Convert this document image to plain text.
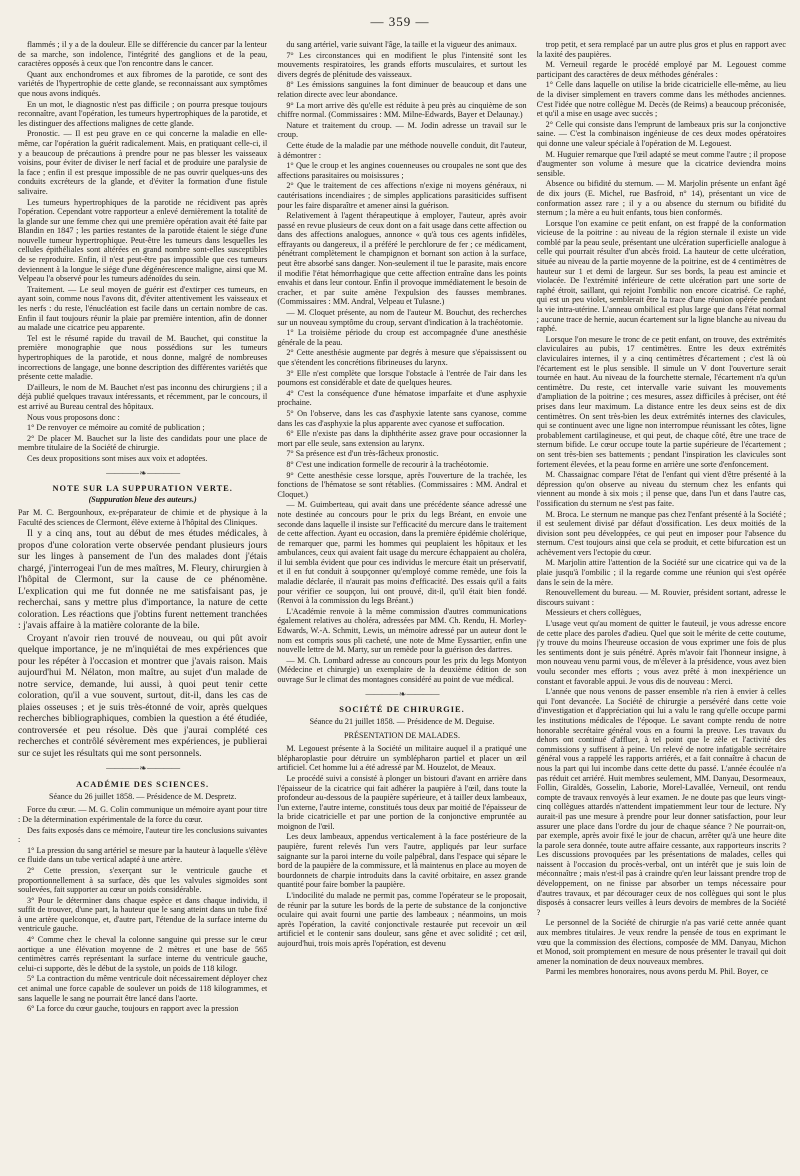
— 359 —

flammés ; il y a de la douleur. Elle se différencie du cancer par la lenteur de sa marche, son indolence, l'intégrité des ganglions et de la peau, caractères opposés à ceux que l'on rencontre dans le cancer.

Quant aux enchondromes et aux fibromes de la parotide, ce sont des variétés de l'hypertrophie de cette glande, se reconnaissant aux symptômes que nous avons indiqués.

En un mot, le diagnostic n'est pas difficile ; on pourra presque toujours reconnaître, avant l'opération, les tumeurs hypertrophiques de la parotide, et les distinguer des affections malignes de cette glande.

Pronostic. — Il est peu grave en ce qui concerne la maladie en elle-même, car l'opération la guérit radicalement. Mais, en pratiquant celle-ci, il y a beaucoup de précautions à prendre pour ne pas blesser les vaisseaux voisins, pour éviter de diviser le nerf facial et de produire une paralysie de la face ; enfin il est presque impossible de ne pas ouvrir quelques-uns des conduits excréteurs de la glande, et d'éviter la formation d'une fistule salivaire.

Les tumeurs hypertrophiques de la parotide ne récidivent pas après l'opération. Cependant votre rapporteur a enlevé dernièrement la totalité de la glande sur une femme chez qui une première opération avait été faite par Blandin en 1847 ; les parties restantes de la parotide étaient le siége d'une nouvelle tumeur hypertrophique. Peut-être les tumeurs dans lesquelles les cellules épithéliales sont altérées en grand nombre sont-elles susceptibles de se reproduire. Enfin, il n'est peut-être pas impossible que ces tumeurs deviennent à la longue le siége d'une dégénérescence maligne, ainsi que M. Velpeau l'a observé pour les tumeurs adénoïdes du sein.

Traitement. — Le seul moyen de guérir est d'extirper ces tumeurs, en ayant soin, comme nous l'avons dit, d'éviter attentivement les vaisseaux et les nerfs : du reste, l'énucléation est facile dans un certain nombre de cas. Enfin il faut toujours réunir la plaie par première intention, afin de donner au malade une cicatrice peu apparente.

Tel est le résumé rapide du travail de M. Bauchet, qui constitue la première monographie que nous possédions sur les tumeurs hypertrophiques de la parotide, et nous donne, malgré de nombreuses incorrections de langage, une bonne description des différentes variétés que présente cette maladie.

D'ailleurs, le nom de M. Bauchet n'est pas inconnu des chirurgiens ; il a déjà publié quelques travaux intéressants, et récemment, par le concours, il est arrivé au Bureau central des hôpitaux.

Nous vous proposons donc :

1° De renvoyer ce mémoire au comité de publication ;

2° De placer M. Bauchet sur la liste des candidats pour une place de membre titulaire de la Société de chirurgie.

Ces deux propositions sont mises aux voix et adoptées.

———— ❧ ————
NOTE SUR LA SUPPURATION VERTE.
(Suppuration bleue des auteurs.)

Par M. C. Bergounhoux, ex-préparateur de chimie et de physique à la Faculté des sciences de Clermont, élève externe à l'hôpital des Cliniques.

Il y a cinq ans, tout au début de mes études médicales, à propos d'une coloration verte observée pendant plusieurs jours sur les linges à pansement de l'un des malades dont j'étais chargé, j'interrogeai l'un de mes maîtres, M. Fleury, chirurgien à l'hôpital de Clermont, sur la cause de ce phénomène. L'explication qui me fut donnée ne me satisfaisant pas, je recherchai, sans y mettre plus d'importance, la nature de cette coloration. Les réactions que j'obtins furent nettement tranchées : j'avais affaire à la matière colorante de la bile.

Croyant n'avoir rien trouvé de nouveau, ou qui pût avoir quelque importance, je ne m'inquiétai de mes expériences que pour les répéter à l'occasion et montrer que j'avais raison. Mais aujourd'hui M. Nélaton, mon maître, au sujet d'un malade de notre service, demande, lui aussi, à quoi peut tenir cette coloration, qu'il a vue souvent, surtout, dit-il, dans les cas de plaies osseuses ; et je suis très-étonné de voir, après quelques recherches bibliographiques, combien la question a été étudiée, controversée et peu résolue. Dès que j'aurai complété ces recherches et contrôlé sévèrement mes expériences, je publierai sur ce sujet les résultats qui me sont personnels.

———— ❧ ————
ACADÉMIE DES SCIENCES.
Séance du 26 juillet 1858. — Présidence de M. Despretz.

Force du cœur. — M. G. Colin communique un mémoire ayant pour titre : De la détermination expérimentale de la force du cœur.

Des faits exposés dans ce mémoire, l'auteur tire les conclusions suivantes :

1° La pression du sang artériel se mesure par la hauteur à laquelle s'élève ce fluide dans un tube vertical adapté à une artère.

2° Cette pression, s'exerçant sur le ventricule gauche et proportionnellement à sa surface, dès que les valvules sigmoïdes sont soulevées, fait supporter au cœur un poids considérable.

3° Pour le déterminer dans chaque espèce et dans chaque individu, il suffit de trouver, d'une part, la hauteur que le sang atteint dans un tube fixé à une artère quelconque, et, d'autre part, l'étendue de la surface interne du ventricule gauche.

4° Comme chez le cheval la colonne sanguine qui presse sur le cœur aortique a une élévation moyenne de 2 mètres et une base de 565 centimètres carrés représentant la surface interne du ventricule gauche, celui-ci supporte, dès le début de la systole, un poids de 118 kilogr.

5° La contraction du même ventricule doit nécessairement déployer chez cet animal une force capable de soulever un poids de 118 kilogrammes, et sans laquelle le sang ne pourrait être lancé dans l'aorte.

6° La force du cœur gauche, toujours en rapport avec la pression

du sang artériel, varie suivant l'âge, la taille et la vigueur des animaux.

7° Les circonstances qui en modifient le plus l'intensité sont les mouvements respiratoires, les grands efforts musculaires, et surtout les divers degrés de plénitude des vaisseaux.

8° Les émissions sanguines la font diminuer de beaucoup et dans une relation directe avec leur abondance.

9° La mort arrive dès qu'elle est réduite à peu près au cinquième de son chiffre normal. (Commissaires : MM. Milne-Edwards, Bayer et Delaunay.)

Nature et traitement du croup. — M. Jodin adresse un travail sur le croup.

Cette étude de la maladie par une méthode nouvelle conduit, dit l'auteur, à démontrer :

1° Que le croup et les angines couenneuses ou croupales ne sont que des affections parasitaires ou moisissures ;

2° Que le traitement de ces affections n'exige ni moyens généraux, ni cautérisations incendiaires ; de simples applications parasiticides suffisent pour les faire disparaître et amener ainsi la guérison.

Relativement à l'agent thérapeutique à employer, l'auteur, après avoir passé en revue plusieurs de ceux dont on a fait usage dans cette affection ou dans des affections analogues, annonce « qu'à tous ces agents infidèles, effrayants ou dangereux, il a préféré le perchlorure de fer ; ce médicament, pénétrant complètement le champignon et bornant son action à la surface, peut être absorbé sans danger. Non-seulement il tue le parasite, mais encore il modifie l'état hémorrhagique que cette affection entraîne dans les points envahis et dans leur contour. Enfin il provoque immédiatement le besoin de cracher, et par suite amène l'expulsion des fausses membranes. (Commissaires : MM. Andral, Velpeau et Tulasne.)

— M. Cloquet présente, au nom de l'auteur M. Bouchut, des recherches sur un nouveau symptôme du croup, servant d'indication à la trachéotomie.

1° La troisième période du croup est accompagnée d'une anesthésie générale de la peau.

2° Cette anesthésie augmente par degrés à mesure que s'épaississent ou que s'étendent les concrétions fibrineuses du larynx.

3° Elle n'est complète que lorsque l'obstacle à l'entrée de l'air dans les poumons est considérable et date de quelques heures.

4° C'est la conséquence d'une hématose imparfaite et d'une asphyxie prochaine.

5° On l'observe, dans les cas d'asphyxie latente sans cyanose, comme dans les cas d'asphyxie la plus apparente avec cyanose et suffocation.

6° Elle n'existe pas dans la diphthérite assez grave pour occasionner la mort par elle seule, sans extension au larynx.

7° Sa présence est d'un très-fâcheux pronostic.

8° C'est une indication formelle de recourir à la trachéotomie.

9° Cette anesthésie cesse lorsque, après l'ouverture de la trachée, les fonctions de l'hématose se sont rétablies. (Commissaires : MM. Andral et Cloquet.)

— M. Guimberteau, qui avait dans une précédente séance adressé une note destinée au concours pour le prix du legs Bréant, en envoie une seconde dans laquelle il insiste sur l'efficacité du mercure dans le traitement de cette affection. Ayant eu occasion, dans la première épidémie cholérique, de remarquer que, parmi les hommes qui peuplaient les hôpitaux et les ambulances, ceux qui avaient fait usage du mercure échappaient au choléra, il lui sembla évident que pour ces individus le mercure était un préservatif, et il en fut conduit à soupçonner qu'employé comme remède, une fois la maladie déclarée, il n'aurait pas moins d'efficacité. Des essais qu'il a faits pour vérifier ce soupçon, lui ont prouvé, dit-il, qu'il était bien fondé. (Renvoi à la commission du legs Bréant.)

L'Académie renvoie à la même commission d'autres communications également relatives au choléra, adressées par MM. Ch. Rendu, H. Morley-Edwards, W.-A. Schmitt, Lewis, un mémoire adressé par un auteur dont le nom est compris sous pli cacheté, une note de Mme Eyssartier, enfin une nouvelle lettre de M. Marty, sur un remède pour la guérison des dartres.

— M. Ch. Lombard adresse au concours pour les prix du legs Montyon (Médecine et chirurgie) un exemplaire de la deuxième édition de son ouvrage Sur le climat des montagnes considéré au point de vue médical.

———— ❧ ————
SOCIÉTÉ DE CHIRURGIE.
Séance du 21 juillet 1858. — Présidence de M. Deguise.
PRÉSENTATION DE MALADES.

M. Legouest présente à la Société un militaire auquel il a pratiqué une blépharoplastie pour détruire un symblépharon partiel et placer un œil artificiel. Cet homme lui a été adressé par M. Houzelot, de Meaux.

Le procédé suivi a consisté à plonger un bistouri d'avant en arrière dans l'épaisseur de la cicatrice qui fait adhérer la paupière à l'œil, dans toute la profondeur au-dessous de la paupière supérieure, et à tailler deux lambeaux, l'un externe, l'autre interne, constitués tous deux par moitié de l'épaisseur de la bride cicatricielle et par une portion de la conjonctive empruntée au moignon de l'œil.

Les deux lambeaux, appendus verticalement à la face postérieure de la paupière, furent relevés l'un vers l'autre, appliqués par leur surface saignante sur la paroi interne du voile palpébral, dans l'espace qui sépare le bord de la paupière de la commissure, et là maintenus en place au moyen de bourdonnets de charpie introduits dans la cavité orbitaire, en assez grande quantité pour faire bomber la paupière.

L'indocilité du malade ne permit pas, comme l'opérateur se le proposait, de réunir par la suture les bords de la perte de substance de la conjonctive oculaire qui avait fourni une partie des lambeaux ; néanmoins, un mois après l'opération, la cavité conjonctivale restaurée put recevoir un œil artificiel et le contenir sans douleur, sans gêne et avec solidité ; cet œil, aujourd'hui, trois mois après l'opération, est devenu

trop petit, et sera remplacé par un autre plus gros et plus en rapport avec la laxité des paupières.

M. Verneuil regarde le procédé employé par M. Legouest comme participant des caractères de deux méthodes générales :

1° Celle dans laquelle on utilise la bride cicatricielle elle-même, au lieu de la diviser simplement en travers comme dans les méthodes anciennes. C'est l'idée que notre collègue M. Decès (de Reims) a beaucoup préconisée, et qu'il a mise en usage avec succès ;

2° Celle qui consiste dans l'emprunt de lambeaux pris sur la conjonctive saine. — C'est la combinaison ingénieuse de ces deux modes opératoires qui donne une valeur spéciale à l'opération de M. Legouest.

M. Huguier remarque que l'œil adapté se meut comme l'autre ; il propose d'augmenter son volume à mesure que la cicatrice deviendra moins sensible.

Absence ou bifidité du sternum. — M. Marjolin présente un enfant âgé de dix jours (E. Michel, rue Basfroid, n° 14), présentant un vice de conformation assez rare ; il y a ou absence du sternum ou bifidité du sternum ; la mère a eu huit enfants, tous bien conformés.

Lorsque l'on examine ce petit enfant, on est frappé de la conformation vicieuse de la poitrine : au niveau de la région sternale il existe un vide comblé par la peau seule, présentant une ulcération superficielle analogue à celle qui pourrait résulter d'un abcès froid. La hauteur de cette ulcération, située au niveau de la partie moyenne de la poitrine, est de 4 centimètres de hauteur sur 1 et demi de largeur. Sur ses bords, la peau est amincie et violacée. De l'extrémité inférieure de cette ulcération part une sorte de raphé étroit, saillant, qui rejoint l'ombilic non encore cicatrisé. Ce raphé, qui est un peu violet, semblerait être la trace d'une réunion opérée pendant la vie intra-utérine. L'anneau ombilical est plus large que dans l'état normal ; aucune trace de hernie, aucun écartement sur la ligne blanche au niveau du raphé.

Lorsque l'on mesure le tronc de ce petit enfant, on trouve, des extrémités claviculaires au pubis, 17 centimètres. Entre les deux extrémités claviculaires internes, il y a cinq centimètres d'écartement ; c'est là où l'écartement est le plus sensible. Il simule un V dont l'ouverture serait tournée en haut. Au niveau de la fourchette sternale, l'écartement n'a qu'un centimètre. Du reste, cet intervalle varie suivant les mouvements d'ampliation de la poitrine ; ces mesures, assez difficiles à préciser, ont été prises dans leur maximum. La distance entre les deux seins est de dix centimètres. On sent très-bien les deux extrémités internes des clavicules, qui se continuent avec une ligne non interrompue réunissant les côtes, ligne probablement cartilagineuse, et qui peut, de chaque côté, être une trace de sternum bifide. Le cœur occupe toute la partie supérieure de l'écartement ; on sent très-bien ses battements ; pendant l'inspiration les clavicules sont fortement élevées, et la peau forme en arrière une sorte d'enfoncement.

M. Chassaignac compare l'état de l'enfant qui vient d'être présenté à la dépression qu'on observe au niveau du sternum chez les enfants qui viennent au monde à six mois ; il pense que, dans l'un et dans l'autre cas, l'ossification du sternum ne s'est pas faite.

M. Broca. Le sternum ne manque pas chez l'enfant présenté à la Société ; il est seulement divisé par défaut d'ossification. Les deux moitiés de la division sont peu développées, ce qui peut en imposer pour l'absence du sternum. C'est toujours ainsi que cela se produit, et cette bifurcation est un achèvement vers l'ectopie du cœur.

M. Marjolin attire l'attention de la Société sur une cicatrice qui va de la plaie jusqu'à l'ombilic ; il la regarde comme une réunion qui s'est opérée dans le sein de la mère.

Renouvellement du bureau. — M. Rouvier, président sortant, adresse le discours suivant :

Messieurs et chers collègues,

L'usage veut qu'au moment de quitter le fauteuil, je vous adresse encore de cette place des paroles d'adieu. Quel que soit le mérite de cette coutume, j'y trouve du moins l'heureuse occasion de vous exprimer une fois de plus les sentiments dont je suis pénétré. Après m'avoir fait l'honneur insigne, à mon nouveau venu parmi vous, de m'élever à la présidence, vous avez bien voulu seconder mes efforts ; vous avez prêté à mon inexpérience un constant et favorable appui. Je vous dis de nouveau : Merci.

L'année que nous venons de passer ensemble n'a rien à envier à celles qui l'ont devancée. La Société de chirurgie a persévéré dans cette voie d'investigation et d'appréciation qui lui a valu le rang qu'elle occupe parmi les institutions médicales de l'époque. Le savant compte rendu de notre honorable secrétaire général vous en a fourni la preuve. Les travaux du dehors ont continué d'affluer, à tel point que le zèle et l'activité des commissions y suffisent à peine. Un relevé de notre infatigable secrétaire général vous a rappelé les rapports arriérés, et a fait connaître à chacun de nous la part qui lui incombe dans cette dette du passé. L'année écoulée n'a pas réduit cet arriéré. Huit membres seulement, MM. Danyau, Desormeaux, Follin, Giraldès, Gosselin, Laborie, Morel-Lavallée, Verneuil, ont rendu compte de travaux renvoyés à leur examen. Je ne doute pas que leurs vingt-cinq collègues attardés n'attendent impatiemment leur tour de lecture. N'y aurait-il pas une mesure à prendre pour leur donner satisfaction, pour leur assurer une place dans l'ordre du jour de chaque séance ? Ne pourrait-on, par exemple, après avoir fixé le jour de chacun, arrêter qu'à une heure dite la parole sera donnée, toute autre affaire cessante, aux rapporteurs inscrits ? Les discussions provoquées par les présentations de malades, celles qui naissent à l'occasion du procès-verbal, ont un intérêt que je suis loin de méconnaître ; mais n'est-il pas à craindre qu'en leur laissant prendre trop de développement, on ne finisse par absorber un temps nécessaire pour d'autres travaux, et par décourager ceux de nos collègues qui sont le plus disposés à consacrer leurs veilles à leurs devoirs de membres de la Société ?

Le personnel de la Société de chirurgie n'a pas varié cette année quant aux membres titulaires. Je veux rendre la pensée de tous en exprimant le vœu que la commission des élections, composée de MM. Danyau, Michon et Monod, soit promptement en mesure de nous présenter le travail qui doit amener la nomination de deux nouveaux membres.

Parmi les membres honoraires, nous avons perdu M. Phil. Boyer, ce
